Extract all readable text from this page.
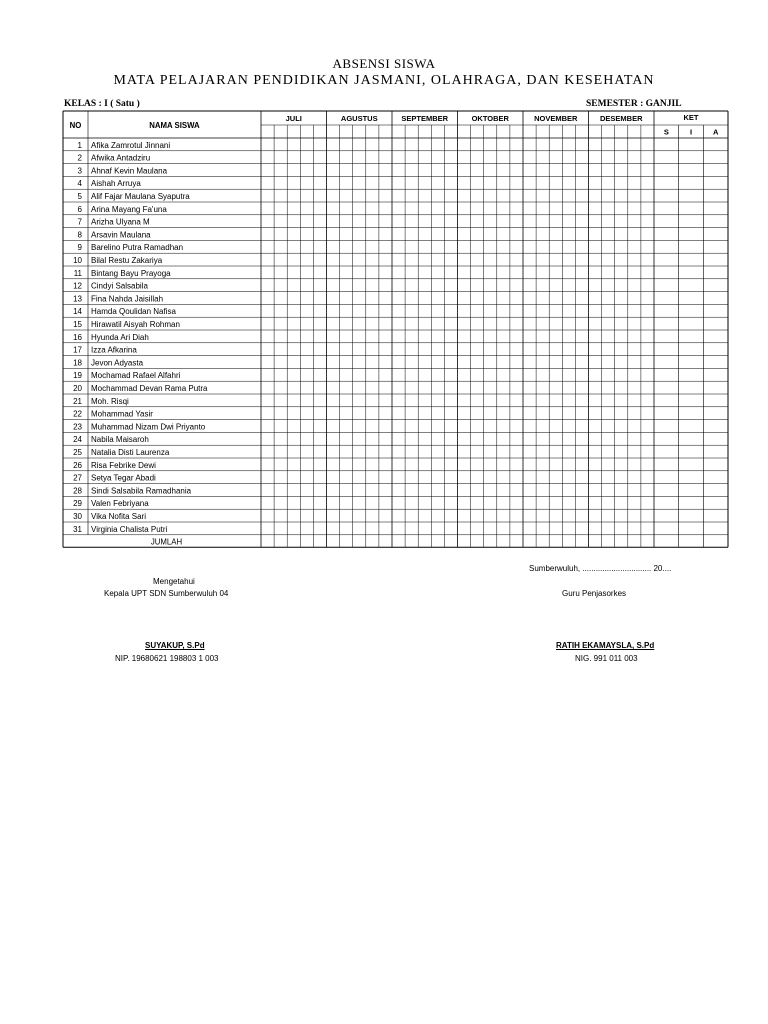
ABSENSI SISWA
MATA PELAJARAN PENDIDIKAN JASMANI, OLAHRAGA, DAN KESEHATAN
KELAS : I ( Satu )	SEMESTER : GANJIL
JULI	AGUSTUS	SEPTEMBER	OKTOBER	NOVEMBER	DESEMBER	KET
S	I	A
NO	NAMA SISWA
1 Afika Zamrotul Jinnani
2 Afwika Antadziru
3 Ahnaf Kevin Maulana
4 Aishah Arruya
5 Alif Fajar Maulana Syaputra
6 Arina Mayang Fa'una
7 Arizha Ulyana M
8 Arsavin Maulana
9 Barelino Putra Ramadhan
10 Bilal Restu Zakariya
11 Bintang Bayu Prayoga
12 Cindyi Salsabila
13 Fina Nahda Jaisillah
14 Hamda Qoulidan Nafisa
15 Hirawatil Aisyah Rohman
16 Hyunda Ari Diah
17 Izza Afkarina
18 Jevon Adyasta
19 Mochamad Rafael Alfahri
20 Mochammad Devan Rama Putra
21 Moh. Risqi
22 Mohammad Yasir
23 Muhammad Nizam Dwi Priyanto
24 Nabila Maisaroh
25 Natalia Disti Laurenza
26 Risa Febrike Dewi
27 Setya Tegar Abadi
28 Sindi Salsabila Ramadhania
29 Valen Febriyana
30 Vika Nofita Sari
31 Virginia Chalista Putri
JUMLAH
Sumberwuluh, ............................... 20....
Mengetahui
Kepala UPT SDN Sumberwuluh 04	Guru Penjasorkes
SUYAKUP, S.Pd
NIP. 19680621 198803 1 003
RATIH EKAMAYSLA, S.Pd
NIG. 991 011 003
